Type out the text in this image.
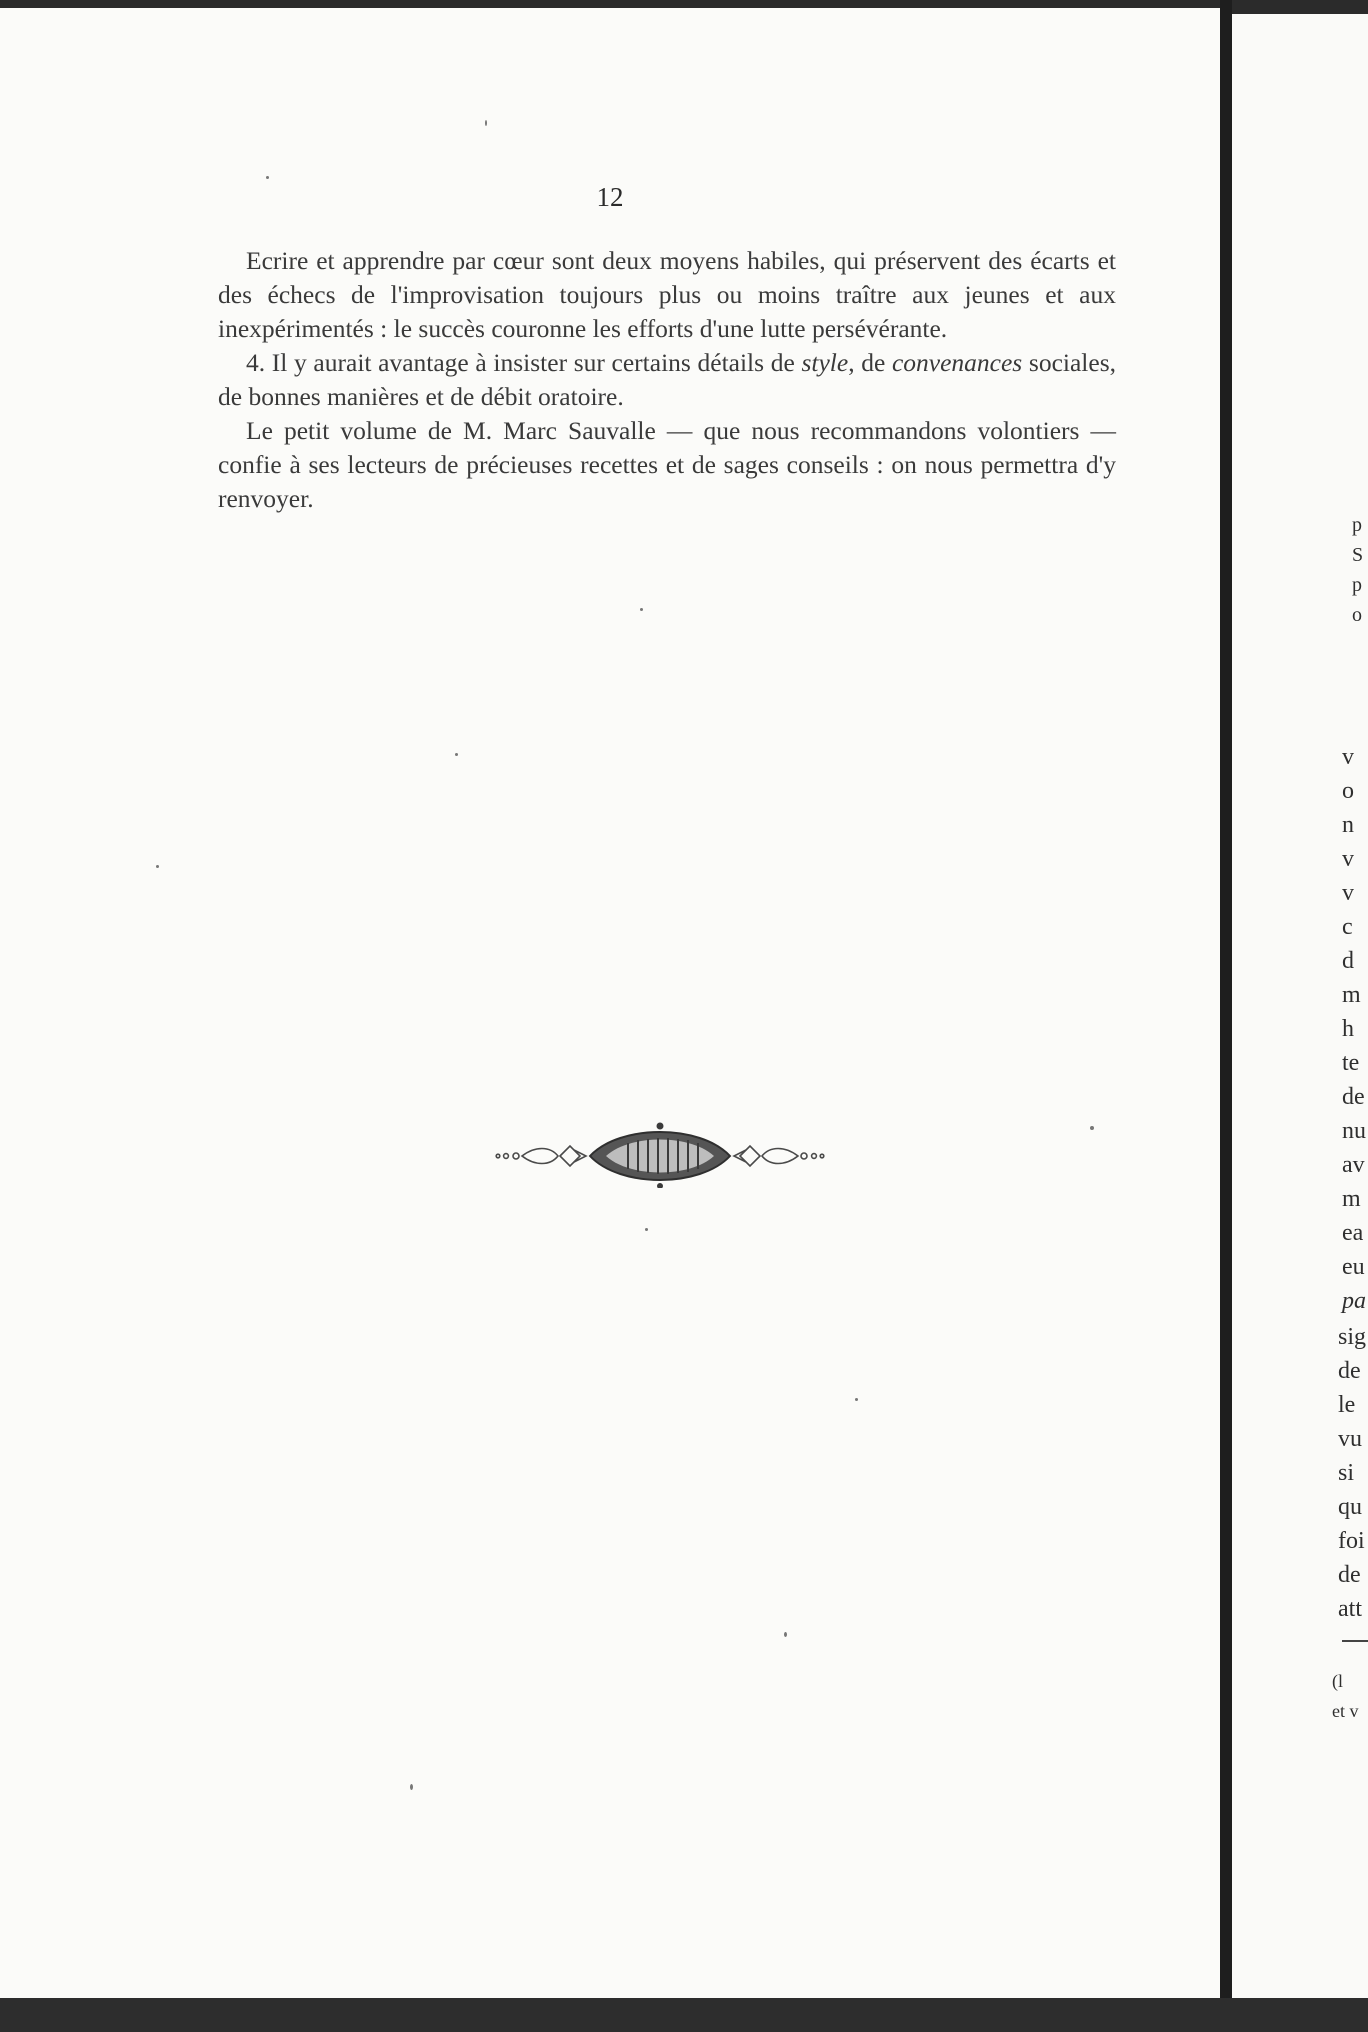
12

Ecrire et apprendre par cœur sont deux moyens habiles, qui préservent des écarts et des échecs de l'improvisation toujours plus ou moins traître aux jeunes et aux inexpérimentés : le succès couronne les efforts d'une lutte persévérante.

4. Il y aurait avantage à insister sur certains détails de style, de convenances sociales, de bonnes manières et de débit oratoire.

Le petit volume de M. Marc Sauvalle — que nous recommandons volontiers — confie à ses lecteurs de précieuses recettes et de sages conseils : on nous permettra d'y renvoyer.

p
S
p
o
v
o
n
v
v
c
d
m
h
te
de
nu
av
m
ea
eu
pa
sig
de
le
vu
si
qu
foi
de
att
(l
et v
